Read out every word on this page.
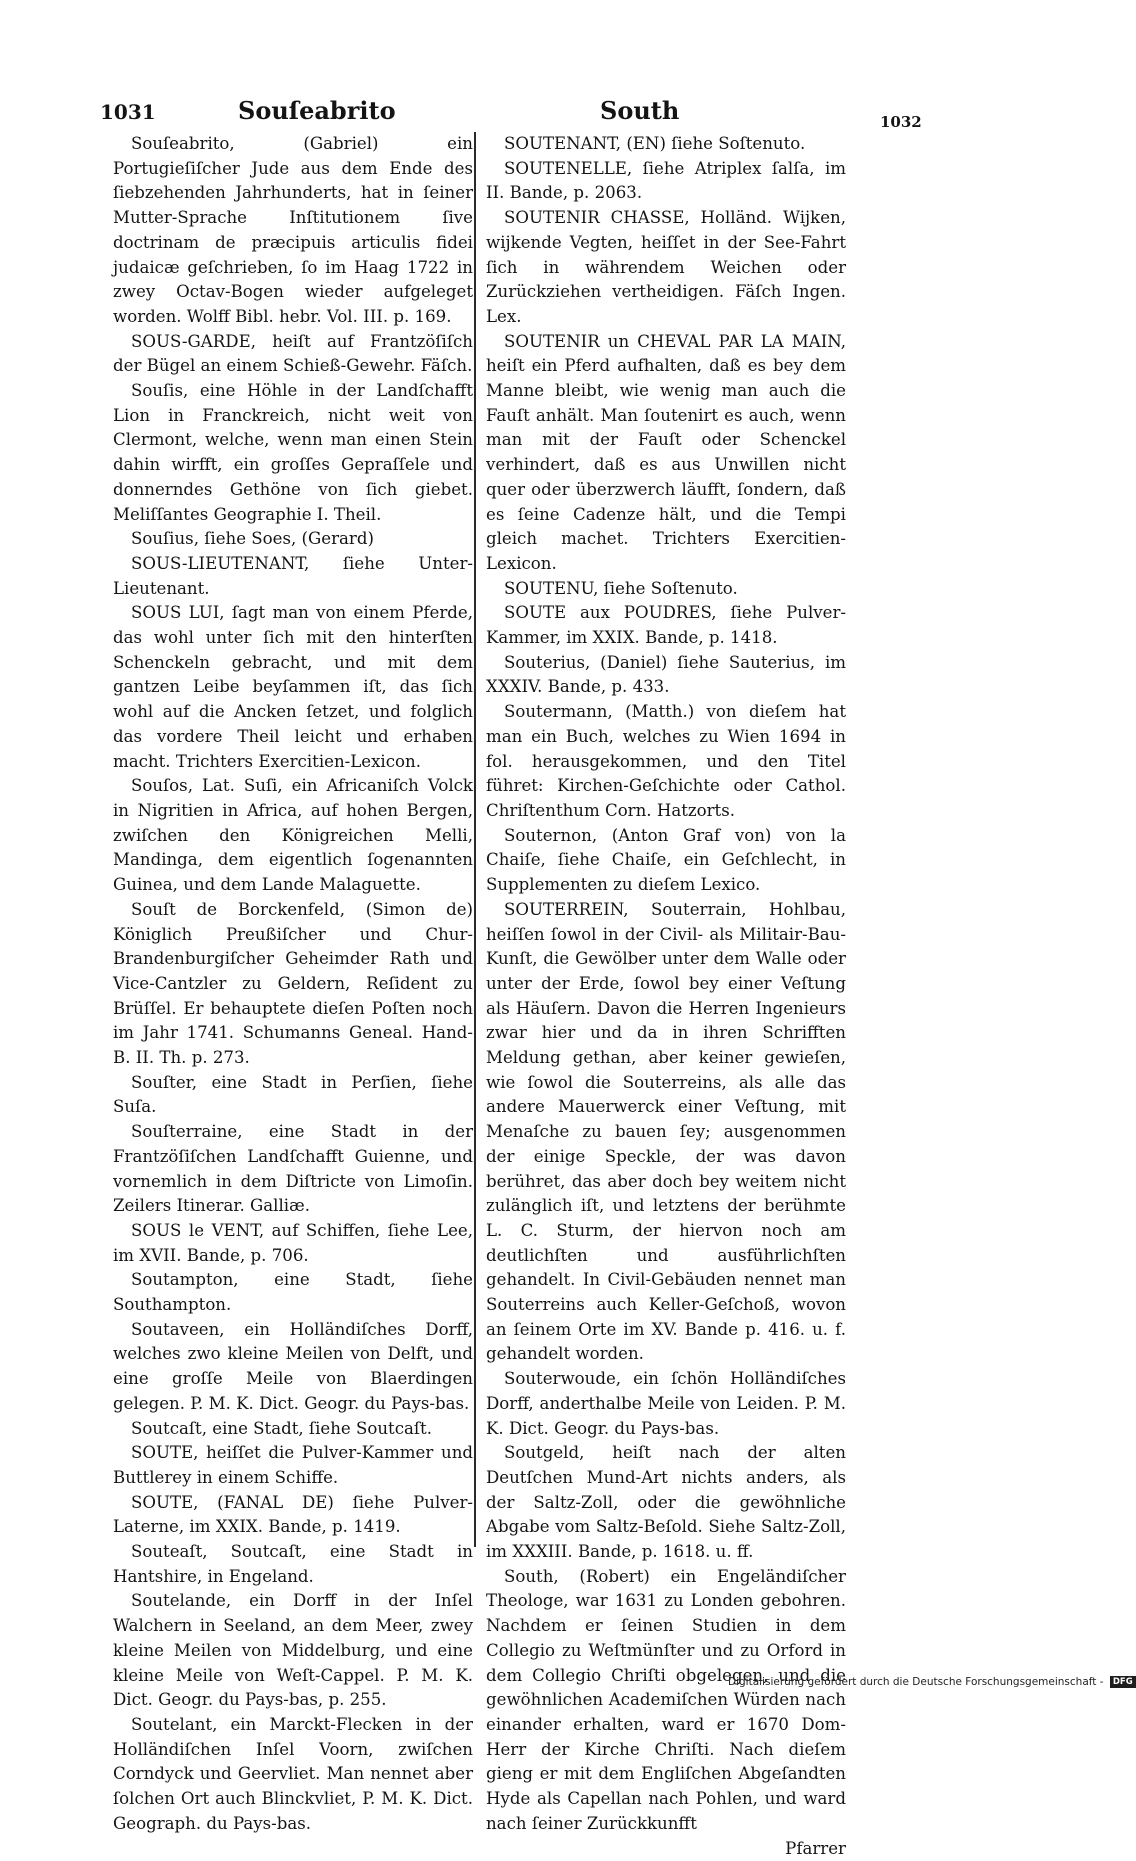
1031	Souſeabrito	South	1032

Souſeabrito, (Gabriel) ein Portugieſiſcher Jude aus dem Ende des ſiebzehenden Jahrhunderts, hat in ſeiner Mutter-Sprache Inſtitutionem ſive doctrinam de præcipuis articulis fidei judaicæ geſchrieben, ſo im Haag 1722 in zwey Octav-Bogen wieder aufgeleget worden. Wolff Bibl. hebr. Vol. III. p. 169.

SOUS-GARDE, heiſt auf Frantzöſiſch der Bügel an einem Schieß-Gewehr. Fäſch.

Souſis, eine Höhle in der Landſchafft Lion in Franckreich, nicht weit von Clermont, welche, wenn man einen Stein dahin wirfft, ein groſſes Gepraſſele und donnerndes Gethöne von ſich giebet. Meliſſantes Geographie I. Theil.

Souſius, ſiehe Soes, (Gerard)

SOUS-LIEUTENANT, ſiehe Unter-Lieutenant.

SOUS LUI, ſagt man von einem Pferde, das wohl unter ſich mit den hinterſten Schenckeln gebracht, und mit dem gantzen Leibe beyſammen iſt, das ſich wohl auf die Ancken ſetzet, und folglich das vordere Theil leicht und erhaben macht. Trichters Exercitien-Lexicon.

Souſos, Lat. Suſi, ein Africaniſch Volck in Nigritien in Africa, auf hohen Bergen, zwiſchen den Königreichen Melli, Mandinga, dem eigentlich ſogenannten Guinea, und dem Lande Malaguette.

Souſt de Borckenfeld, (Simon de) Königlich Preußiſcher und Chur-Brandenburgiſcher Geheimder Rath und Vice-Cantzler zu Geldern, Reſident zu Brüſſel. Er behauptete dieſen Poſten noch im Jahr 1741. Schumanns Geneal. Hand-B. II. Th. p. 273.

Souſter, eine Stadt in Perſien, ſiehe Suſa.

Souſterraine, eine Stadt in der Frantzöſiſchen Landſchafft Guienne, und vornemlich in dem Diſtricte von Limoſin. Zeilers Itinerar. Galliæ.

SOUS le VENT, auf Schiffen, ſiehe Lee, im XVII. Bande, p. 706.

Soutampton, eine Stadt, ſiehe Southampton.

Soutaveen, ein Holländiſches Dorff, welches zwo kleine Meilen von Delft, und eine groſſe Meile von Blaerdingen gelegen. P. M. K. Dict. Geogr. du Pays-bas.

Soutcaſt, eine Stadt, ſiehe Soutcaſt.

SOUTE, heiſſet die Pulver-Kammer und Buttlerey in einem Schiffe.

SOUTE, (FANAL DE) ſiehe Pulver-Laterne, im XXIX. Bande, p. 1419.

Souteaſt, Soutcaſt, eine Stadt in Hantshire, in Engeland.

Soutelande, ein Dorff in der Inſel Walchern in Seeland, an dem Meer, zwey kleine Meilen von Middelburg, und eine kleine Meile von Weſt-Cappel. P. M. K. Dict. Geogr. du Pays-bas, p. 255.

Soutelant, ein Marckt-Flecken in der Holländiſchen Inſel Voorn, zwiſchen Corndyck und Geervliet. Man nennet aber ſolchen Ort auch Blinckvliet, P. M. K. Dict. Geograph. du Pays-bas.

SOUTENANT, (EN) ſiehe Soſtenuto.

SOUTENELLE, ſiehe Atriplex ſalſa, im II. Bande, p. 2063.

SOUTENIR CHASSE, Holländ. Wijken, wijkende Vegten, heiſſet in der See-Fahrt ſich in währendem Weichen oder Zurückziehen vertheidigen. Fäſch Ingen. Lex.

SOUTENIR un CHEVAL PAR LA MAIN, heiſt ein Pferd aufhalten, daß es bey dem Manne bleibt, wie wenig man auch die Fauſt anhält. Man ſoutenirt es auch, wenn man mit der Fauſt oder Schenckel verhindert, daß es aus Unwillen nicht quer oder überzwerch läufft, ſondern, daß es ſeine Cadenze hält, und die Tempi gleich machet. Trichters Exercitien-Lexicon.

SOUTENU, ſiehe Soſtenuto.

SOUTE aux POUDRES, ſiehe Pulver-Kammer, im XXIX. Bande, p. 1418.

Souterius, (Daniel) ſiehe Sauterius, im XXXIV. Bande, p. 433.

Soutermann, (Matth.) von dieſem hat man ein Buch, welches zu Wien 1694 in fol. herausgekommen, und den Titel führet: Kirchen-Geſchichte oder Cathol. Chriſtenthum Corn. Hatzorts.

Souternon, (Anton Graf von) von la Chaiſe, ſiehe Chaiſe, ein Geſchlecht, in Supplementen zu dieſem Lexico.

SOUTERREIN, Souterrain, Hohlbau, heiſſen ſowol in der Civil- als Militair-Bau-Kunſt, die Gewölber unter dem Walle oder unter der Erde, ſowol bey einer Veſtung als Häuſern. Davon die Herren Ingenieurs zwar hier und da in ihren Schrifften Meldung gethan, aber keiner gewieſen, wie ſowol die Souterreins, als alle das andere Mauerwerck einer Veſtung, mit Menaſche zu bauen ſey; ausgenommen der einige Speckle, der was davon berühret, das aber doch bey weitem nicht zulänglich iſt, und letztens der berühmte L. C. Sturm, der hiervon noch am deutlichſten und ausführlichſten gehandelt. In Civil-Gebäuden nennet man Souterreins auch Keller-Geſchoß, wovon an ſeinem Orte im XV. Bande p. 416. u. f. gehandelt worden.

Souterwoude, ein ſchön Holländiſches Dorff, anderthalbe Meile von Leiden. P. M. K. Dict. Geogr. du Pays-bas.

Soutgeld, heiſt nach der alten Deutſchen Mund-Art nichts anders, als der Saltz-Zoll, oder die gewöhnliche Abgabe vom Saltz-Beſold. Siehe Saltz-Zoll, im XXXIII. Bande, p. 1618. u. ff.

South, (Robert) ein Engeländiſcher Theologe, war 1631 zu Londen gebohren. Nachdem er ſeinen Studien in dem Collegio zu Weſtmünſter und zu Orford in dem Collegio Chriſti obgelegen, und die gewöhnlichen Academiſchen Würden nach einander erhalten, ward er 1670 Dom-Herr der Kirche Chriſti. Nach dieſem gieng er mit dem Engliſchen Abgeſandten Hyde als Capellan nach Pohlen, und ward nach ſeiner Zurückkunfft

Pfarrer

Digitalisierung gefördert durch die Deutsche Forschungsgemeinschaft - DFG
